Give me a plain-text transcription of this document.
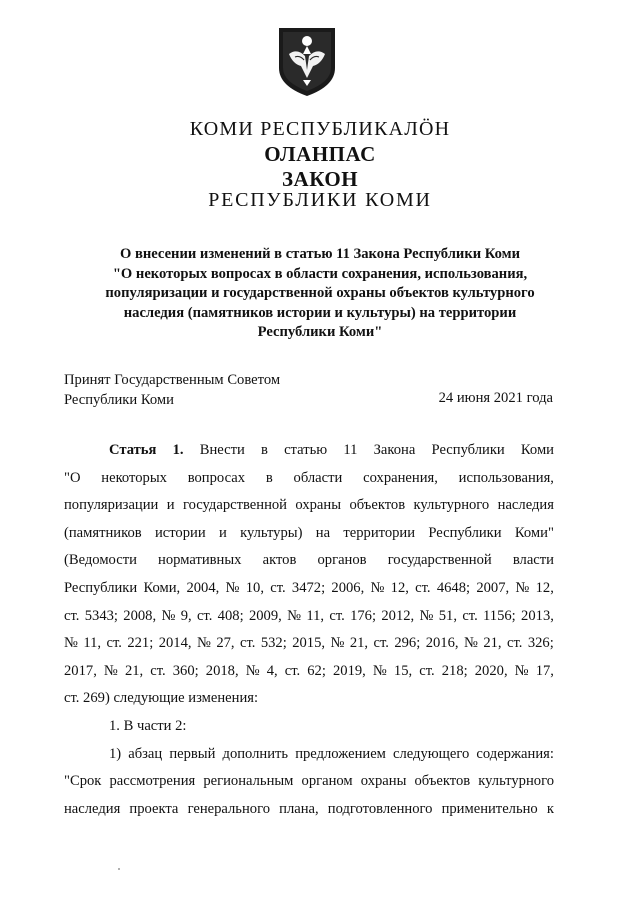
КОМИ РЕСПУБЛИКАЛӦН
ОЛАНПАС
ЗАКОН
РЕСПУБЛИКИ КОМИ
О внесении изменений в статью 11 Закона Республики Коми
"О некоторых вопросах в области сохранения, использования,
популяризации и государственной охраны объектов культурного
наследия (памятников истории и культуры) на территории
Республики Коми"
Принят Государственным Советом
Республики Коми	24 июня 2021 года
Статья 1. Внести в статью 11 Закона Республики Коми
"О некоторых вопросах в области сохранения, использования,
популяризации и государственной охраны объектов культурного наследия
(памятников истории и культуры) на территории Республики Коми"
(Ведомости нормативных актов органов государственной власти
Республики Коми, 2004, № 10, ст. 3472; 2006, № 12, ст. 4648; 2007, № 12,
ст. 5343; 2008, № 9, ст. 408; 2009, № 11, ст. 176; 2012, № 51, ст. 1156; 2013,
№ 11, ст. 221; 2014, № 27, ст. 532; 2015, № 21, ст. 296; 2016, № 21, ст. 326;
2017, № 21, ст. 360; 2018, № 4, ст. 62; 2019, № 15, ст. 218; 2020, № 17,
ст. 269) следующие изменения:
1. В части 2:
1) абзац первый дополнить предложением следующего содержания:
"Срок рассмотрения региональным органом охраны объектов культурного
наследия проекта генерального плана, подготовленного применительно к
